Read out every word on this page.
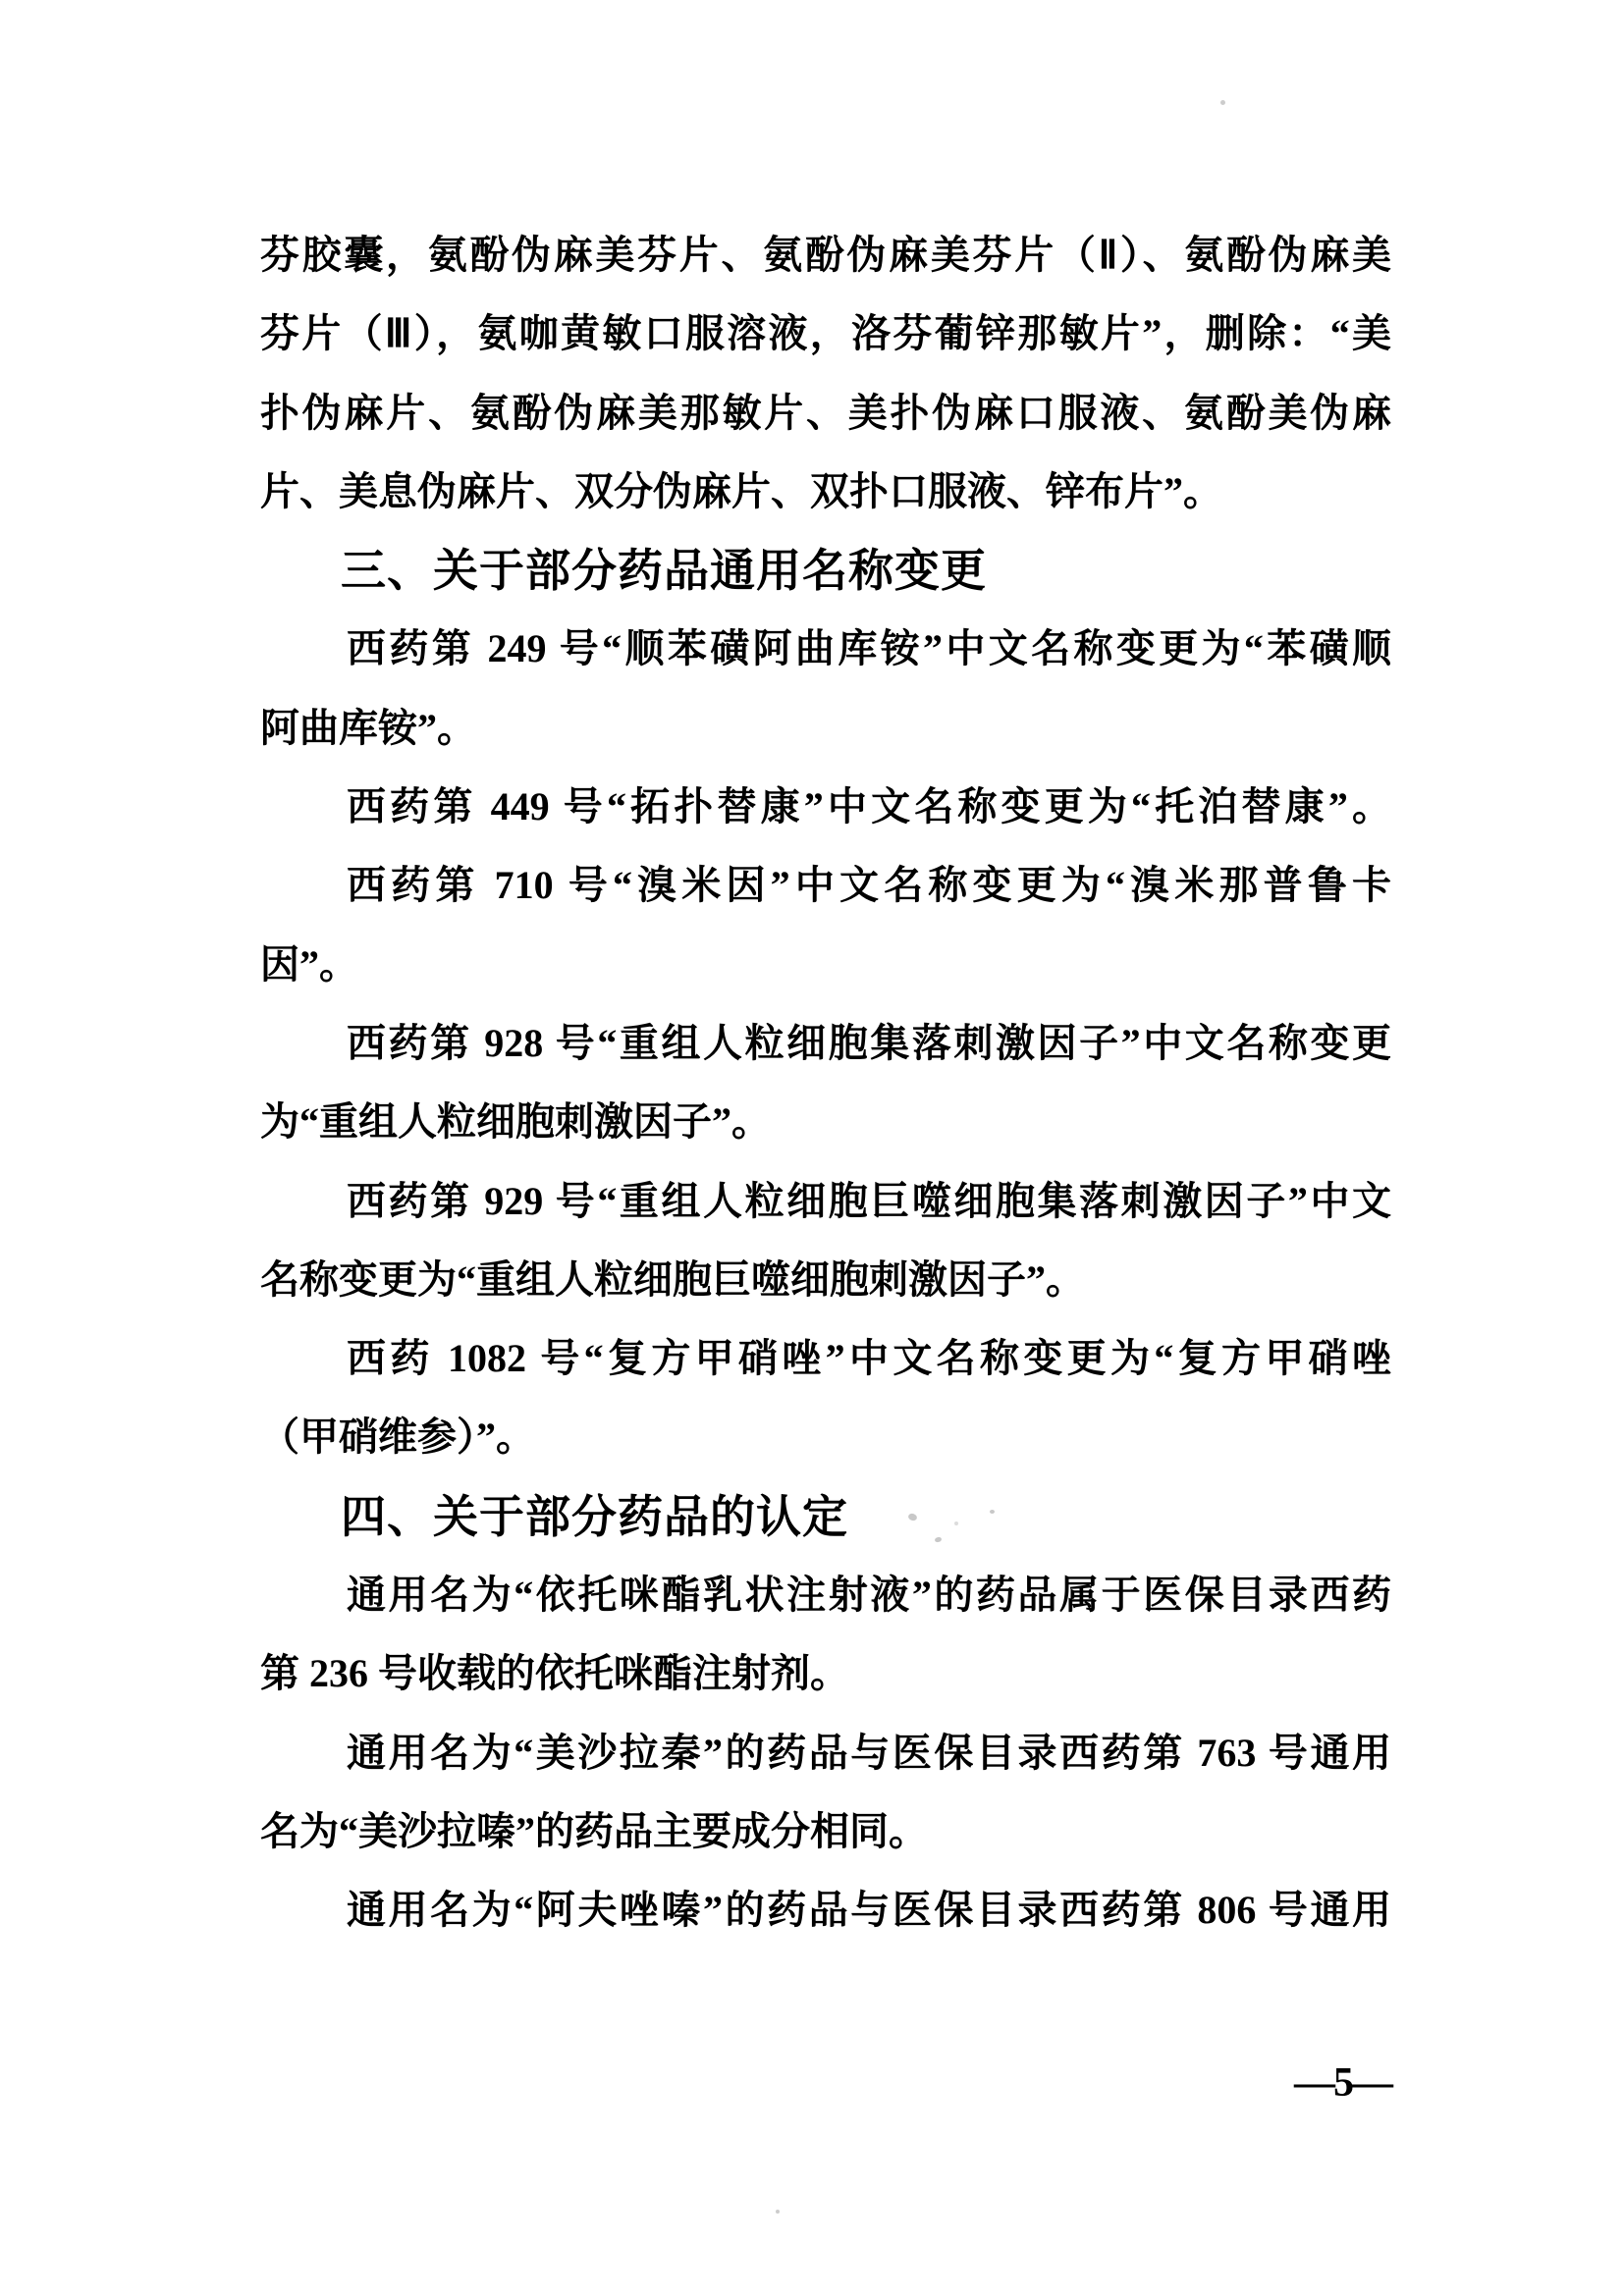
芬胶囊，氨酚伪麻美芬片、氨酚伪麻美芬片（Ⅱ）、氨酚伪麻美

芬片（Ⅲ），氨咖黄敏口服溶液，洛芬葡锌那敏片”，删除：“美

扑伪麻片、氨酚伪麻美那敏片、美扑伪麻口服液、氨酚美伪麻

片、美息伪麻片、双分伪麻片、双扑口服液、锌布片”。

三、关于部分药品通用名称变更

西药第 249 号“顺苯磺阿曲库铵”中文名称变更为“苯磺顺

阿曲库铵”。

西药第 449 号“拓扑替康”中文名称变更为“托泊替康”。

西药第 710 号“溴米因”中文名称变更为“溴米那普鲁卡

因”。

西药第 928 号“重组人粒细胞集落刺激因子”中文名称变更

为“重组人粒细胞刺激因子”。

西药第 929 号“重组人粒细胞巨噬细胞集落刺激因子”中文

名称变更为“重组人粒细胞巨噬细胞刺激因子”。

西药 1082 号“复方甲硝唑”中文名称变更为“复方甲硝唑

（甲硝维参）”。

四、关于部分药品的认定

通用名为“依托咪酯乳状注射液”的药品属于医保目录西药

第 236 号收载的依托咪酯注射剂。

通用名为“美沙拉秦”的药品与医保目录西药第 763 号通用

名为“美沙拉嗪”的药品主要成分相同。

通用名为“阿夫唑嗪”的药品与医保目录西药第 806 号通用

—5—
